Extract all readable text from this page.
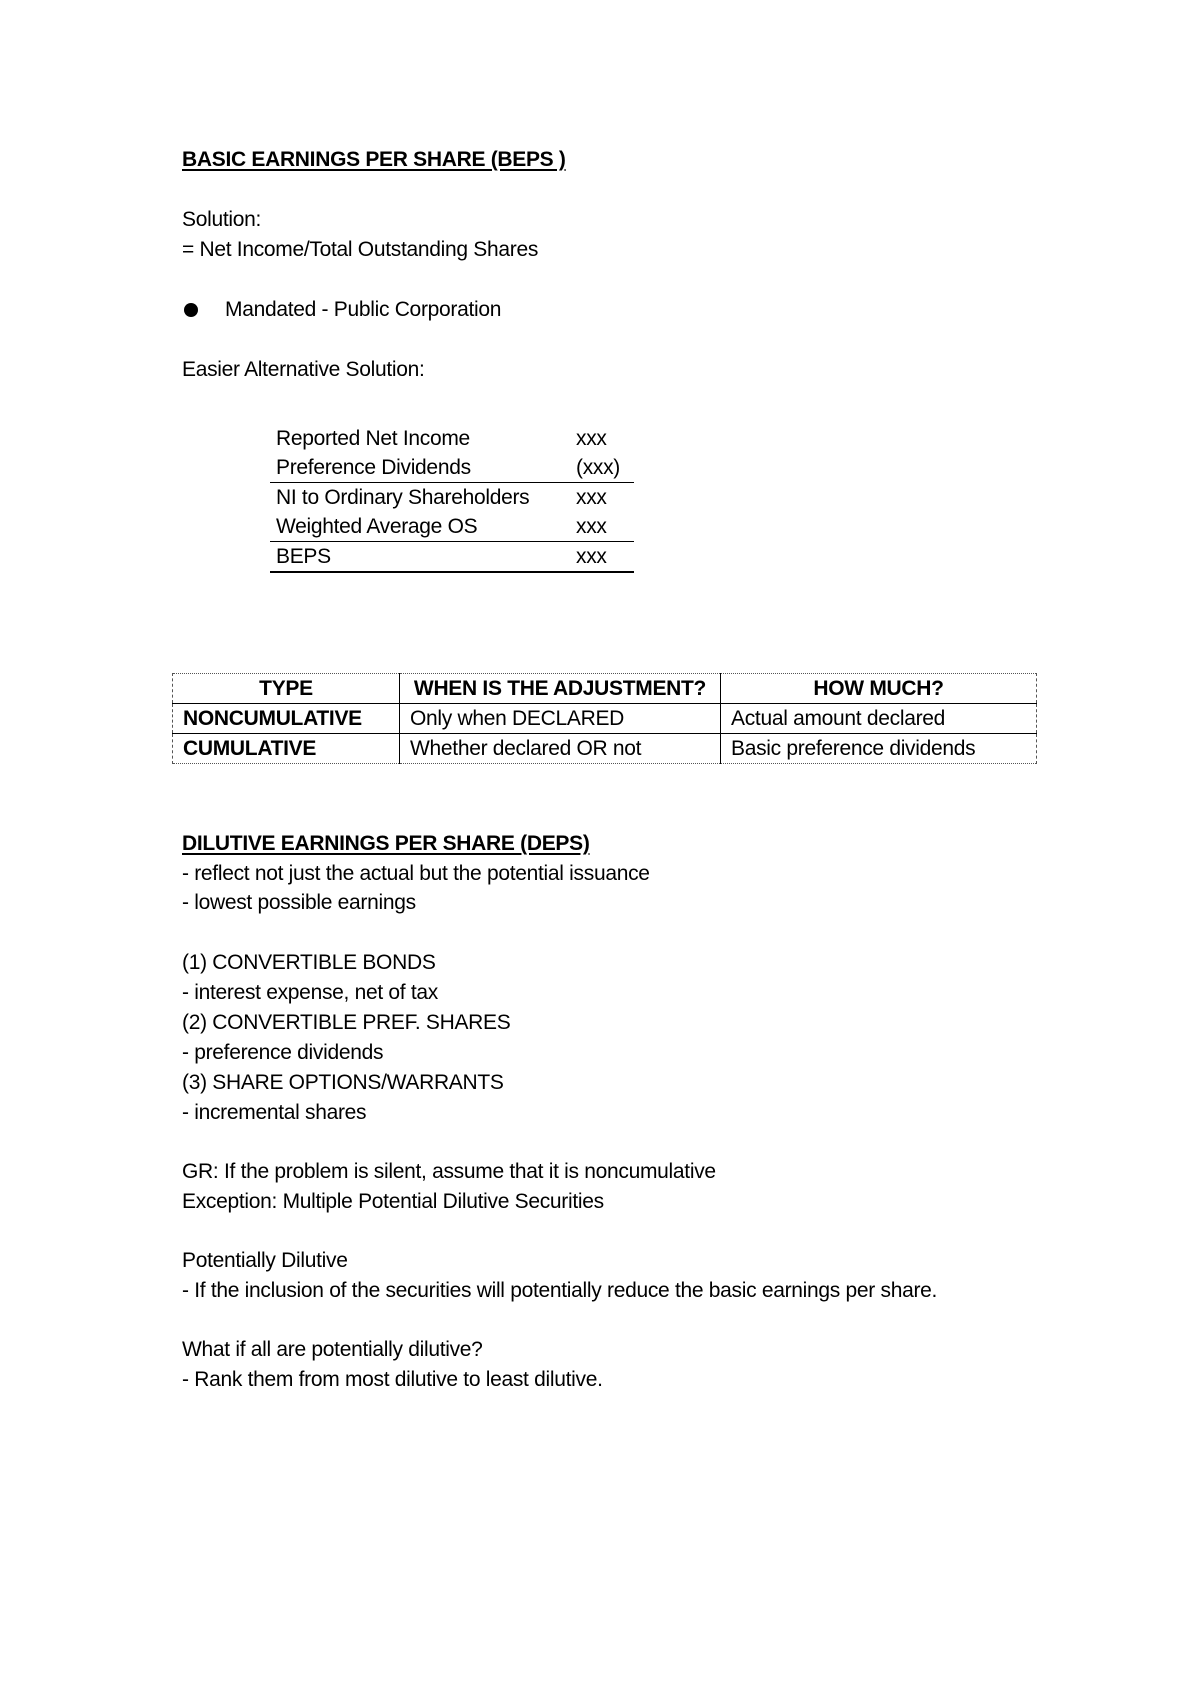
BASIC EARNINGS PER SHARE (BEPS )
Solution:
= Net Income/Total Outstanding Shares
Mandated - Public Corporation
Easier Alternative Solution:
Reported Net Income	xxx
Preference Dividends	(xxx)
NI to Ordinary Shareholders	xxx
Weighted Average OS	xxx
BEPS	xxx
TYPE	WHEN IS THE ADJUSTMENT?	HOW MUCH?
NONCUMULATIVE	Only when DECLARED	Actual amount declared
CUMULATIVE	Whether declared OR not	Basic preference dividends
DILUTIVE EARNINGS PER SHARE (DEPS)
- reflect not just the actual but the potential issuance
- lowest possible earnings
(1) CONVERTIBLE BONDS
- interest expense, net of tax
(2) CONVERTIBLE PREF. SHARES
- preference dividends
(3) SHARE OPTIONS/WARRANTS
- incremental shares
GR: If the problem is silent, assume that it is noncumulative
Exception: Multiple Potential Dilutive Securities
Potentially Dilutive
- If the inclusion of the securities will potentially reduce the basic earnings per share.
What if all are potentially dilutive?
- Rank them from most dilutive to least dilutive.
